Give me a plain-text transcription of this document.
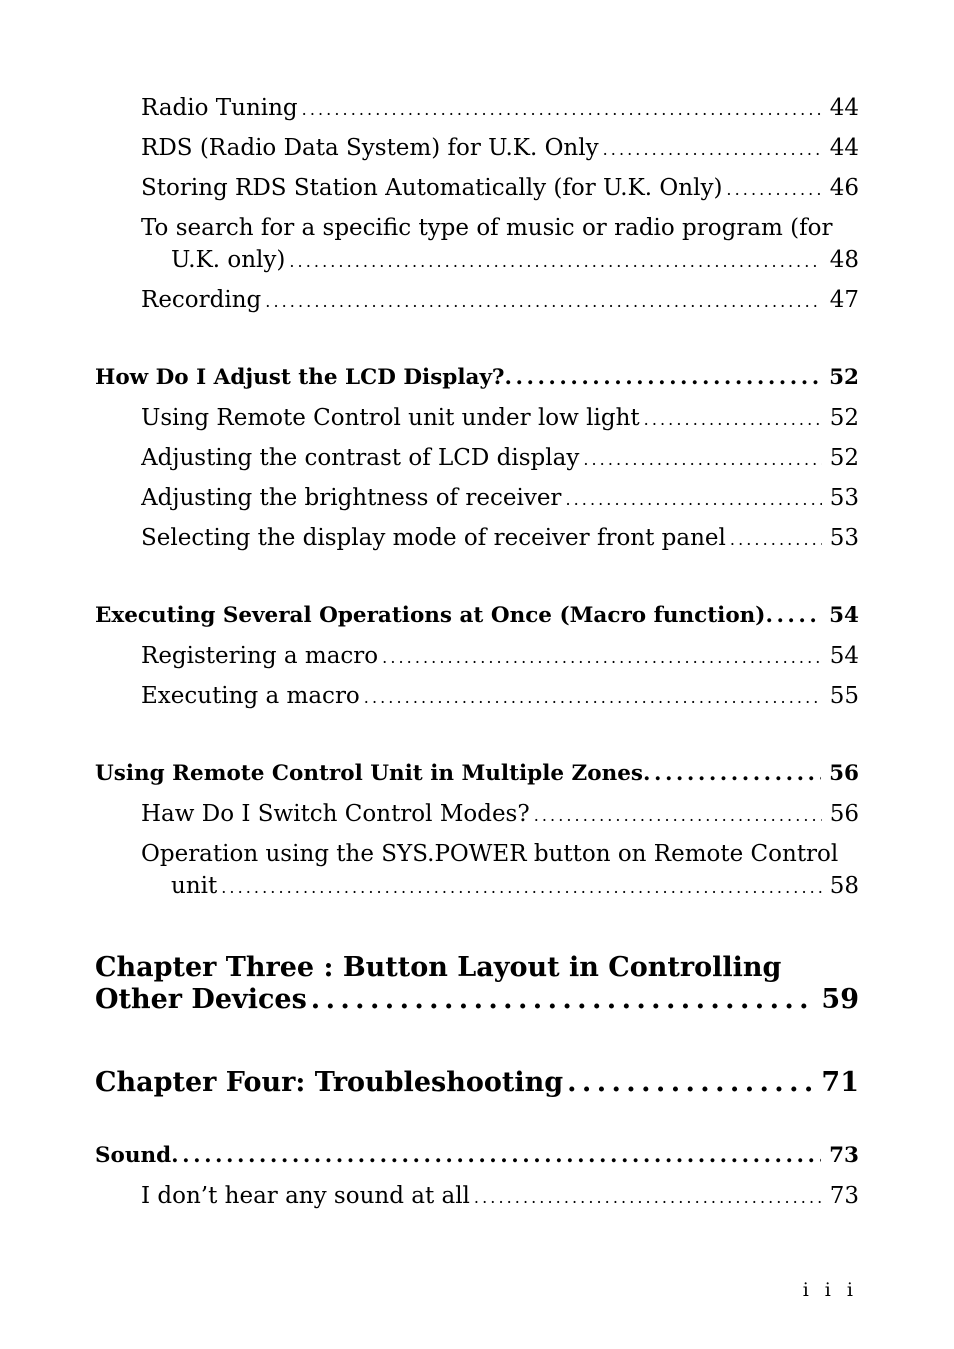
Radio Tuning . . .	44
RDS (Radio Data System) for U.K. Only . . .	44
Storing RDS Station Automatically (for U.K. Only) . . .	46
To search for a specific type of music or radio program (for
U.K. only) . . .	48
Recording . . .	47
How Do I Adjust the LCD Display? . . .	52
Using Remote Control unit under low light . . .	52
Adjusting the contrast of LCD display . . .	52
Adjusting the brightness of receiver . . .	53
Selecting the display mode of receiver front panel . . .	53
Executing Several Operations at Once (Macro function) . . .	54
Registering a macro . . .	54
Executing a macro . . .	55
Using Remote Control Unit in Multiple Zones . . .	56
Haw Do I Switch Control Modes? . . .	56
Operation using the SYS.POWER button on Remote Control
unit . . .	58
Chapter Three : Button Layout in Controlling
Other Devices . . .	59
Chapter Four: Troubleshooting . . .	71
Sound . . .	73
I don’t hear any sound at all . . .	73
i i i
